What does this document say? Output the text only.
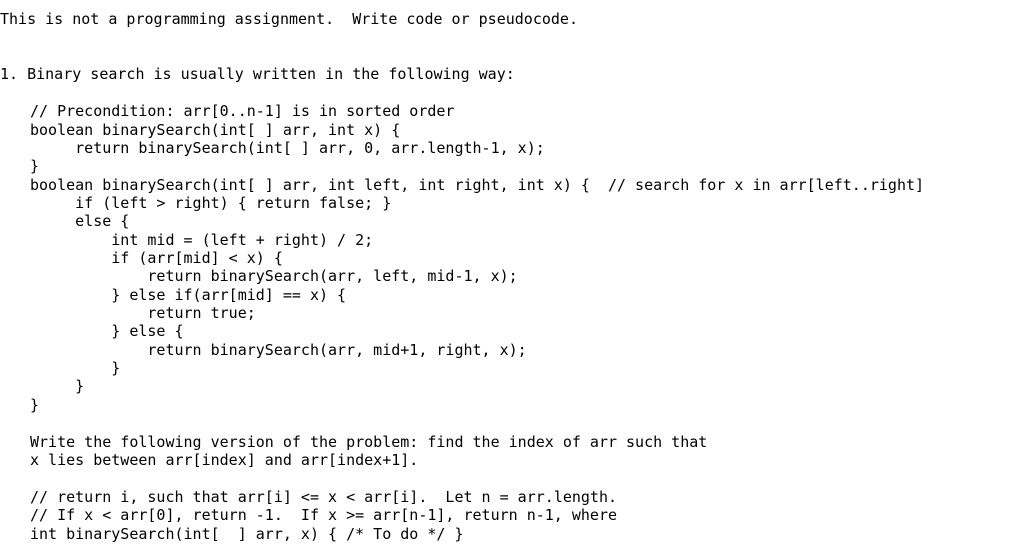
This is not a programming assignment.  Write code or pseudocode.
1. Binary search is usually written in the following way:
// Precondition: arr[0..n-1] is in sorted order
boolean binarySearch(int[ ] arr, int x) {
return binarySearch(int[ ] arr, 0, arr.length-1, x);
}
boolean binarySearch(int[ ] arr, int left, int right, int x) {  // search for x in arr[left..right]
if (left > right) { return false; }
else {
int mid = (left + right) / 2;
if (arr[mid] < x) {
return binarySearch(arr, left, mid-1, x);
} else if(arr[mid] == x) {
return true;
} else {
return binarySearch(arr, mid+1, right, x);
}
}
}
Write the following version of the problem: find the index of arr such that
x lies between arr[index] and arr[index+1].
// return i, such that arr[i] <= x < arr[i].  Let n = arr.length.
// If x < arr[0], return -1.  If x >= arr[n-1], return n-1, where
int binarySearch(int[  ] arr, x) { /* To do */ }
